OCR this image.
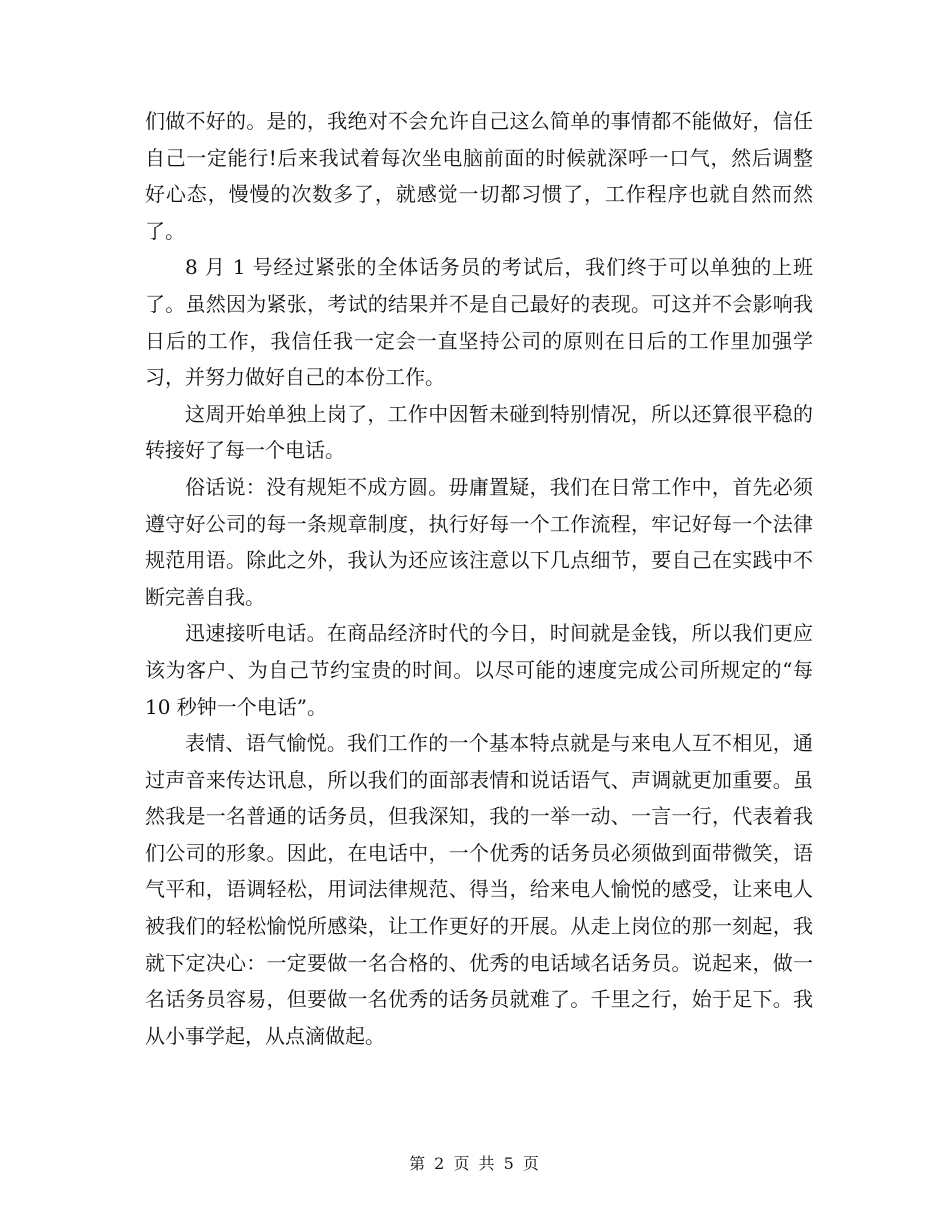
们做不好的。是的，我绝对不会允许自己这么简单的事情都不能做好，信任自己一定能行!后来我试着每次坐电脑前面的时候就深呼一口气，然后调整好心态，慢慢的次数多了，就感觉一切都习惯了，工作程序也就自然而然了。

8 月 1 号经过紧张的全体话务员的考试后，我们终于可以单独的上班了。虽然因为紧张，考试的结果并不是自己最好的表现。可这并不会影响我日后的工作，我信任我一定会一直坚持公司的原则在日后的工作里加强学习，并努力做好自己的本份工作。

这周开始单独上岗了，工作中因暂未碰到特别情况，所以还算很平稳的转接好了每一个电话。

俗话说：没有规矩不成方圆。毋庸置疑，我们在日常工作中，首先必须遵守好公司的每一条规章制度，执行好每一个工作流程，牢记好每一个法律规范用语。除此之外，我认为还应该注意以下几点细节，要自己在实践中不断完善自我。

迅速接听电话。在商品经济时代的今日，时间就是金钱，所以我们更应该为客户、为自己节约宝贵的时间。以尽可能的速度完成公司所规定的“每 10 秒钟一个电话”。

表情、语气愉悦。我们工作的一个基本特点就是与来电人互不相见，通过声音来传达讯息，所以我们的面部表情和说话语气、声调就更加重要。虽然我是一名普通的话务员，但我深知，我的一举一动、一言一行，代表着我们公司的形象。因此，在电话中，一个优秀的话务员必须做到面带微笑，语气平和，语调轻松，用词法律规范、得当，给来电人愉悦的感受，让来电人被我们的轻松愉悦所感染，让工作更好的开展。从走上岗位的那一刻起，我就下定决心：一定要做一名合格的、优秀的电话域名话务员。说起来，做一名话务员容易，但要做一名优秀的话务员就难了。千里之行，始于足下。我从小事学起，从点滴做起。

第 2 页 共 5 页
